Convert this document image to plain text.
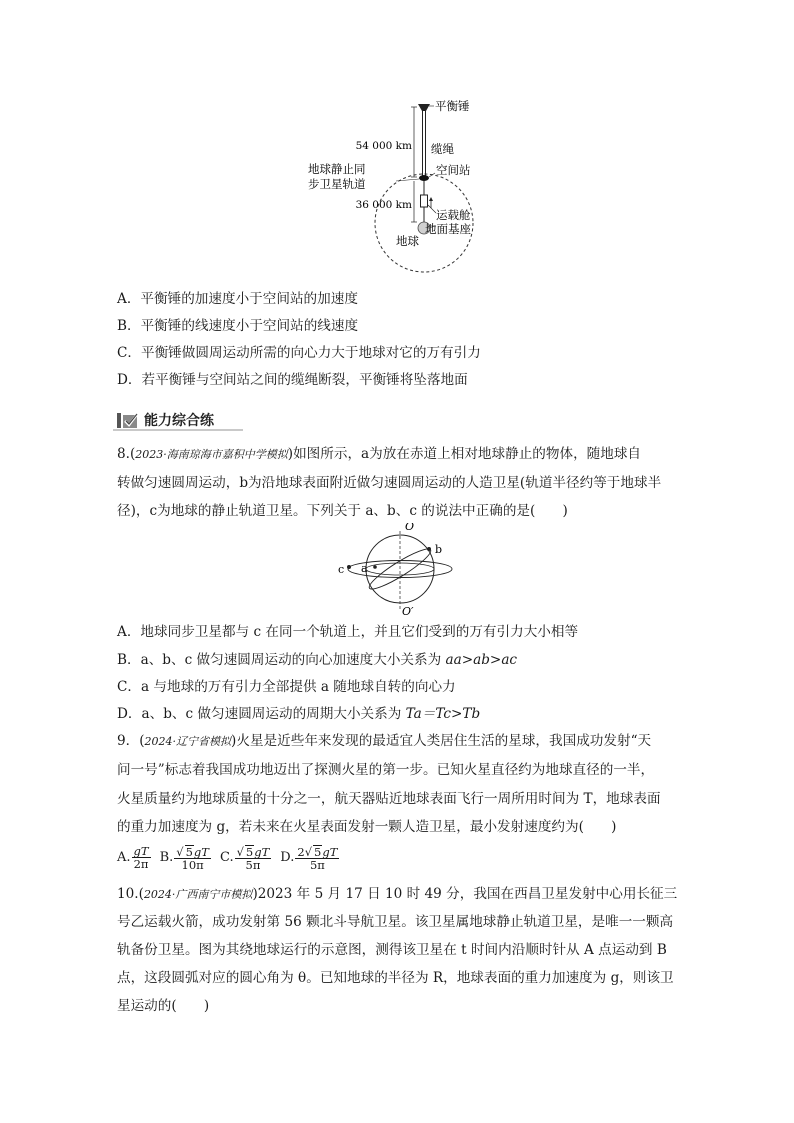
平衡锤
54 000 km 缆绳
地球静止同
步卫星轨道
空间站
36 000 km
运载舱
地面基座
地球
A．平衡锤的加速度小于空间站的加速度
B．平衡锤的线速度小于空间站的线速度
C．平衡锤做圆周运动所需的向心力大于地球对它的万有引力
D．若平衡锤与空间站之间的缆绳断裂，平衡锤将坠落地面
能力综合练
8.(2023·海南琼海市嘉积中学模拟)如图所示，a为放在赤道上相对地球静止的物体，随地球自
转做匀速圆周运动，b为沿地球表面附近做匀速圆周运动的人造卫星(轨道半径约等于地球半
径)，c为地球的静止轨道卫星。下列关于 a、b、c 的说法中正确的是(　　)
O
O′
a
b
c
A．地球同步卫星都与 c 在同一个轨道上，并且它们受到的万有引力大小相等
B．a、b、c 做匀速圆周运动的向心加速度大小关系为 aa>ab>ac
C．a 与地球的万有引力全部提供 a 随地球自转的向心力
D．a、b、c 做匀速圆周运动的周期大小关系为 Ta＝Tc>Tb
9．(2024·辽宁省模拟)火星是近些年来发现的最适宜人类居住生活的星球，我国成功发射“天
问一号”标志着我国成功地迈出了探测火星的第一步。已知火星直径约为地球直径的一半，
火星质量约为地球质量的十分之一，航天器贴近地球表面飞行一周所用时间为 T，地球表面
的重力加速度为 g，若未来在火星表面发射一颗人造卫星，最小发射速度约为(　　)
A. $\frac{gT}{2\pi} B$. $\frac{√ 5gT}{10\pi} C$. $\frac{√ 5gT}{5\pi} D$. $\frac{2√ 5gT}{5\pi}$
10.(2024·广西南宁市模拟)2023 年 5 月 17 日 10 时 49 分，我国在西昌卫星发射中心用长征三
号乙运载火箭，成功发射第 56 颗北斗导航卫星。该卫星属地球静止轨道卫星，是唯一一颗高
轨备份卫星。图为其绕地球运行的示意图，测得该卫星在 t 时间内沿顺时针从 A 点运动到 B
点，这段圆弧对应的圆心角为 θ。已知地球的半径为 R，地球表面的重力加速度为 g，则该卫
星运动的(　　)
